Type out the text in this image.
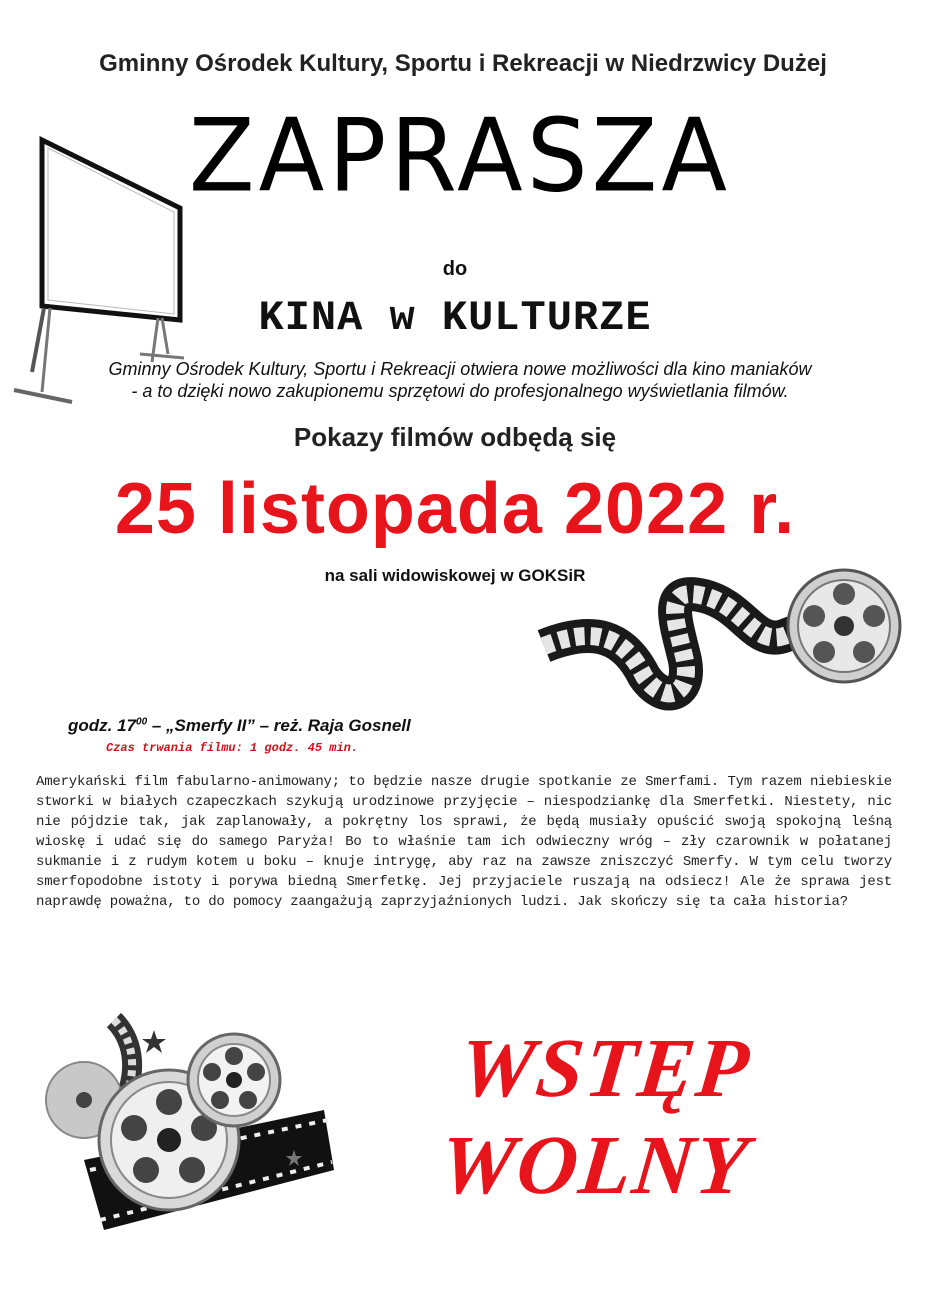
Gminny Ośrodek Kultury, Sportu i Rekreacji w Niedrzwicy Dużej
ZAPRASZA
do
KINA w KULTURZE
Gminny Ośrodek Kultury, Sportu i Rekreacji otwiera nowe możliwości dla kino maniaków
- a to dzięki nowo zakupionemu sprzętowi do profesjonalnego wyświetlania filmów.
Pokazy filmów odbędą się
25 listopada 2022 r.
na sali widowiskowej w GOKSiR
godz. $17^{00}$ – „Smerfy II” – reż. Raja Gosnell
Czas trwania filmu: 1 godz. 45 min.
Amerykański film fabularno-animowany; to będzie nasze drugie spotkanie ze Smerfami. Tym razem niebieskie stworki w białych czapeczkach szykują urodzinowe przyjęcie – niespodziankę dla Smerfetki. Niestety, nic nie pójdzie tak, jak zaplanowały, a pokrętny los sprawi, że będą musiały opuścić swoją spokojną leśną wioskę i udać się do samego Paryża! Bo to właśnie tam ich odwieczny wróg – zły czarownik w połatanej sukmanie i z rudym kotem u boku – knuje intrygę, aby raz na zawsze zniszczyć Smerfy. W tym celu tworzy smerfopodobne istoty i porywa biedną Smerfetkę. Jej przyjaciele ruszają na odsiecz! Ale że sprawa jest naprawdę poważna, to do pomocy zaangażują zaprzyjaźnionych ludzi. Jak skończy się ta cała historia?
WSTĘP WOLNY
